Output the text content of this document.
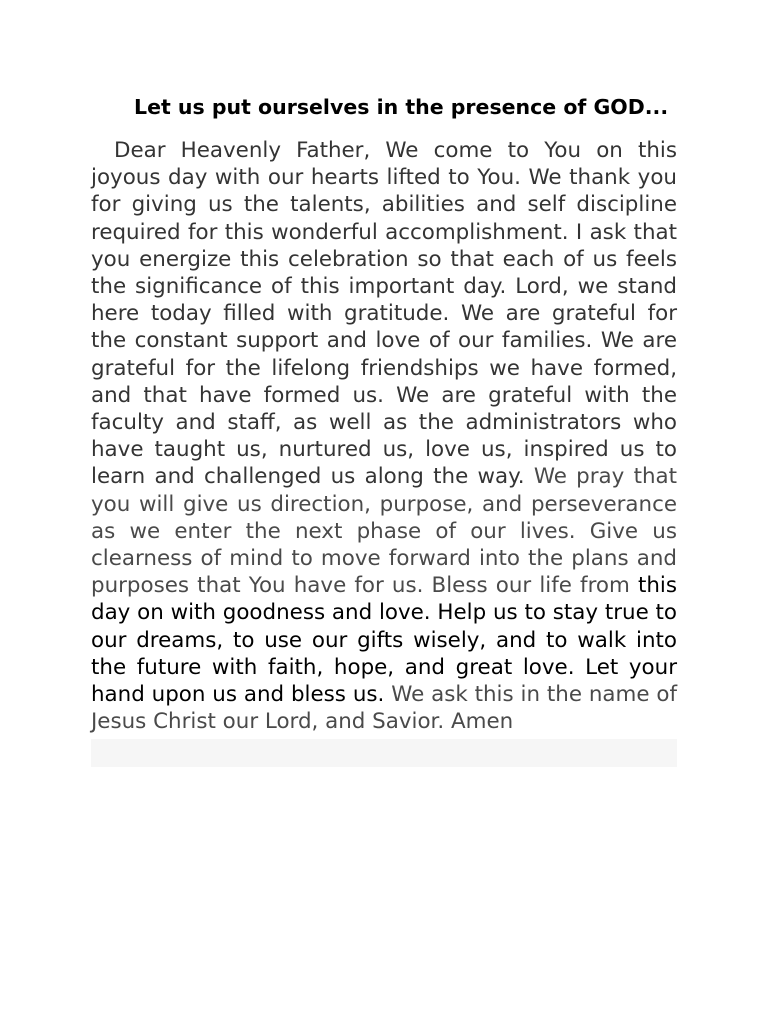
Let us put ourselves in the presence of GOD...

Dear Heavenly Father, We come to You on this joyous day with our hearts lifted to You. We thank you for giving us the talents, abilities and self discipline required for this wonderful accomplishment. I ask that you energize this celebration so that each of us feels the significance of this important day. Lord, we stand here today filled with gratitude. We are grateful for the constant support and love of our families. We are grateful for the lifelong friendships we have formed, and that have formed us. We are grateful with the faculty and staff, as well as the administrators who have taught us, nurtured us, love us, inspired us to learn and challenged us along the way. We pray that you will give us direction, purpose, and perseverance as we enter the next phase of our lives. Give us clearness of mind to move forward into the plans and purposes that You have for us. Bless our life from this day on with goodness and love. Help us to stay true to our dreams, to use our gifts wisely, and to walk into the future with faith, hope, and great love. Let your hand upon us and bless us. We ask this in the name of Jesus Christ our Lord, and Savior. Amen
